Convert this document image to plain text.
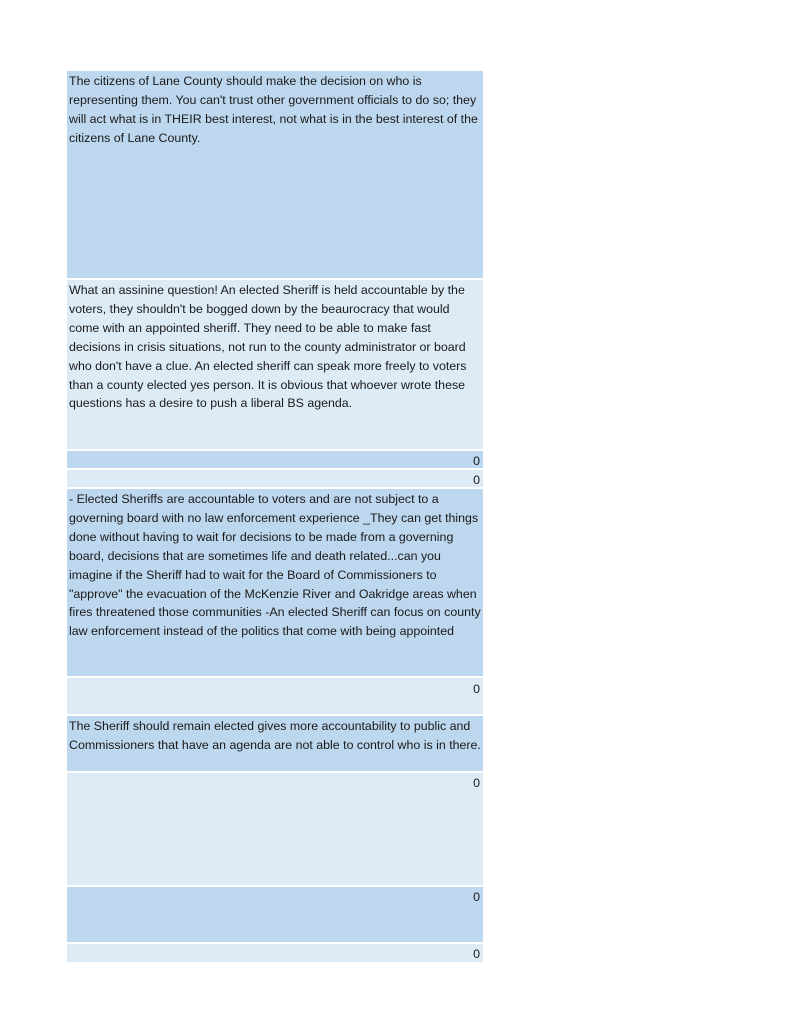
The citizens of Lane County should make the decision on who is representing them. You can't trust other government officials to do so; they will act what is in THEIR best interest, not what is in the best interest of the citizens of Lane County.
What an assinine question! An elected Sheriff is held accountable by the voters, they shouldn't be bogged down by the beaurocracy that would come with an appointed sheriff. They need to be able to make fast decisions in crisis situations, not run to the county administrator or board who don't have a clue. An elected sheriff can speak more freely to voters than a county elected yes person. It is obvious that whoever wrote these questions has a desire to push a liberal BS agenda.
0
0
- Elected Sheriffs are accountable to voters and are not subject to a governing board with no law enforcement experience _They can get things done without having to wait for decisions to be made from a governing board, decisions that are sometimes life and death related...can you imagine if the Sheriff had to wait for the Board of Commissioners to "approve" the evacuation of the McKenzie River and Oakridge areas when fires threatened those communities -An elected Sheriff can focus on county law enforcement instead of the politics that come with being appointed
0
The Sheriff should remain elected gives more accountability to public and Commissioners that have an agenda are not able to control who is in there.
0
0
0
